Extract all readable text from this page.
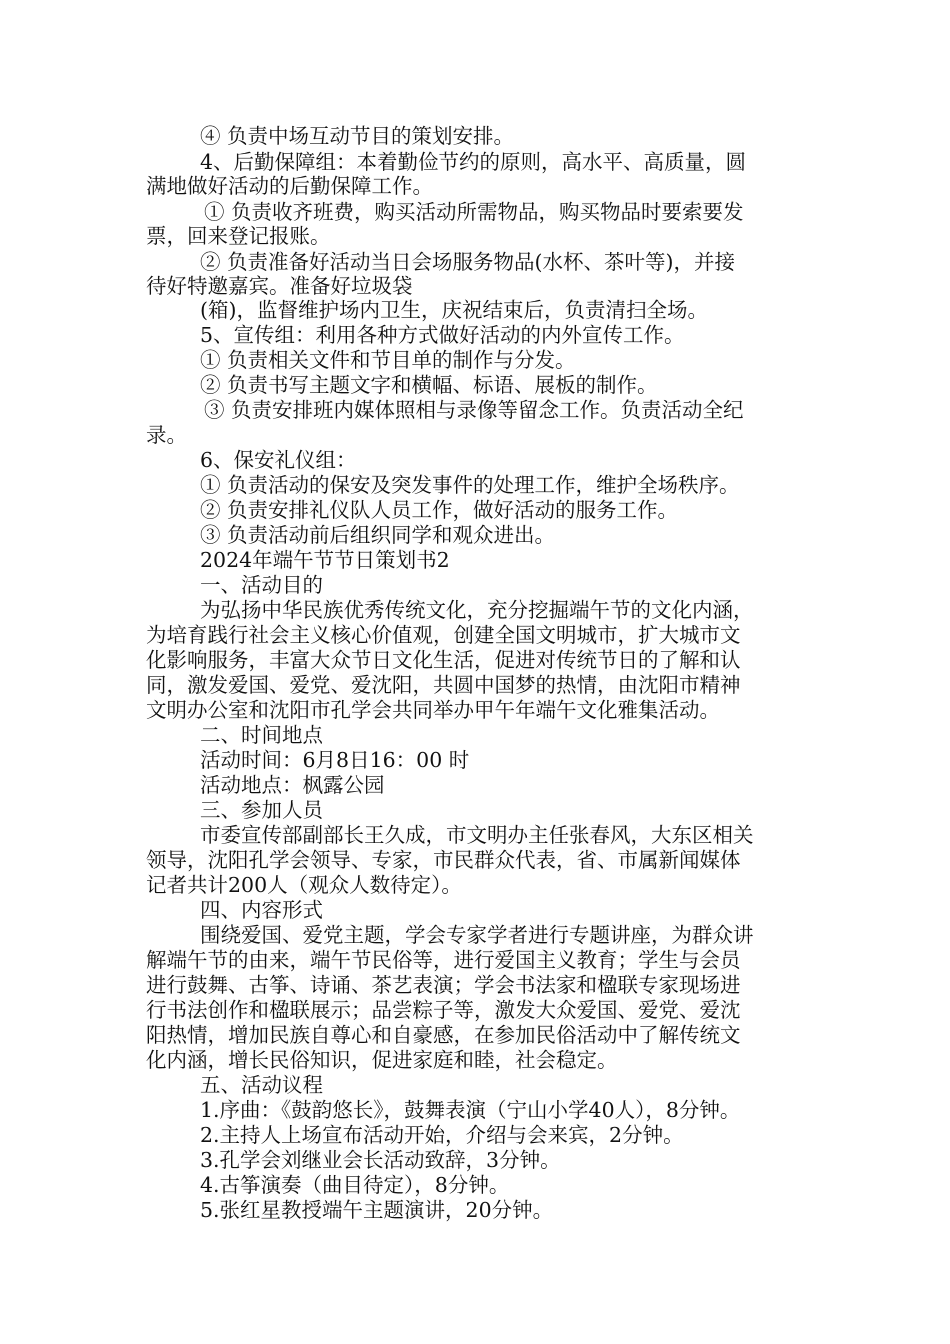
④ 负责中场互动节目的策划安排。
4、后勤保障组：本着勤俭节约的原则，高水平、高质量，圆
满地做好活动的后勤保障工作。
① 负责收齐班费，购买活动所需物品，购买物品时要索要发
票，回来登记报账。
② 负责准备好活动当日会场服务物品(水杯、茶叶等)，并接
待好特邀嘉宾。准备好垃圾袋
(箱)，监督维护场内卫生，庆祝结束后，负责清扫全场。
5、宣传组：利用各种方式做好活动的内外宣传工作。
① 负责相关文件和节目单的制作与分发。
② 负责书写主题文字和横幅、标语、展板的制作。
③ 负责安排班内媒体照相与录像等留念工作。负责活动全纪
录。
6、保安礼仪组：
① 负责活动的保安及突发事件的处理工作，维护全场秩序。
② 负责安排礼仪队人员工作，做好活动的服务工作。
③ 负责活动前后组织同学和观众进出。
2024年端午节节日策划书2
一、活动目的
为弘扬中华民族优秀传统文化，充分挖掘端午节的文化内涵，
为培育践行社会主义核心价值观，创建全国文明城市，扩大城市文
化影响服务，丰富大众节日文化生活，促进对传统节日的了解和认
同，激发爱国、爱党、爱沈阳，共圆中国梦的热情，由沈阳市精神
文明办公室和沈阳市孔学会共同举办甲午年端午文化雅集活动。
二、时间地点
活动时间：6月8日16：00 时
活动地点：枫露公园
三、参加人员
市委宣传部副部长王久成，市文明办主任张春风，大东区相关
领导，沈阳孔学会领导、专家，市民群众代表，省、市属新闻媒体
记者共计200人（观众人数待定）。
四、内容形式
围绕爱国、爱党主题，学会专家学者进行专题讲座，为群众讲
解端午节的由来，端午节民俗等，进行爱国主义教育；学生与会员
进行鼓舞、古筝、诗诵、茶艺表演；学会书法家和楹联专家现场进
行书法创作和楹联展示；品尝粽子等，激发大众爱国、爱党、爱沈
阳热情，增加民族自尊心和自豪感，在参加民俗活动中了解传统文
化内涵，增长民俗知识，促进家庭和睦，社会稳定。
五、活动议程
1.序曲：《鼓韵悠长》，鼓舞表演（宁山小学40人），8分钟。
2.主持人上场宣布活动开始，介绍与会来宾，2分钟。
3.孔学会刘继业会长活动致辞，3分钟。
4.古筝演奏（曲目待定），8分钟。
5.张红星教授端午主题演讲，20分钟。
